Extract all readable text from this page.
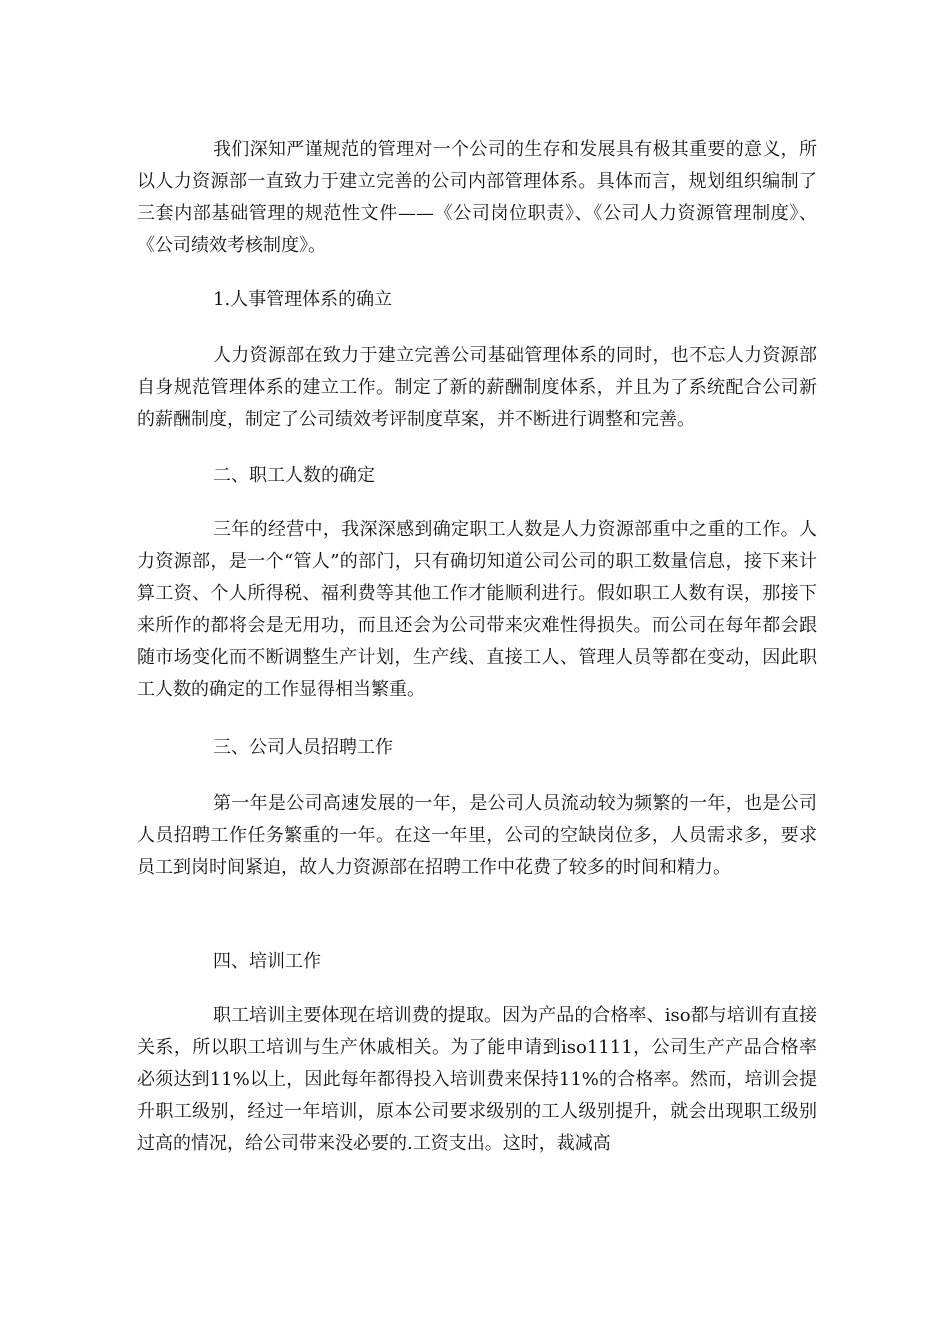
我们深知严谨规范的管理对一个公司的生存和发展具有极其重要的意义，所以人力资源部一直致力于建立完善的公司内部管理体系。具体而言，规划组织编制了三套内部基础管理的规范性文件——《公司岗位职责》、《公司人力资源管理制度》、《公司绩效考核制度》。

1.人事管理体系的确立

人力资源部在致力于建立完善公司基础管理体系的同时，也不忘人力资源部自身规范管理体系的建立工作。制定了新的薪酬制度体系，并且为了系统配合公司新的薪酬制度，制定了公司绩效考评制度草案，并不断进行调整和完善。

二、职工人数的确定

三年的经营中，我深深感到确定职工人数是人力资源部重中之重的工作。人力资源部，是一个“管人”的部门，只有确切知道公司公司的职工数量信息，接下来计算工资、个人所得税、福利费等其他工作才能顺利进行。假如职工人数有误，那接下来所作的都将会是无用功，而且还会为公司带来灾难性得损失。而公司在每年都会跟随市场变化而不断调整生产计划，生产线、直接工人、管理人员等都在变动，因此职工人数的确定的工作显得相当繁重。

三、公司人员招聘工作

第一年是公司高速发展的一年，是公司人员流动较为频繁的一年，也是公司人员招聘工作任务繁重的一年。在这一年里，公司的空缺岗位多，人员需求多，要求员工到岗时间紧迫，故人力资源部在招聘工作中花费了较多的时间和精力。

四、培训工作

职工培训主要体现在培训费的提取。因为产品的合格率、iso都与培训有直接关系，所以职工培训与生产休戚相关。为了能申请到iso1111，公司生产产品合格率必须达到11%以上，因此每年都得投入培训费来保持11%的合格率。然而，培训会提升职工级别，经过一年培训，原本公司要求级别的工人级别提升，就会出现职工级别过高的情况，给公司带来没必要的.工资支出。这时，裁减高
